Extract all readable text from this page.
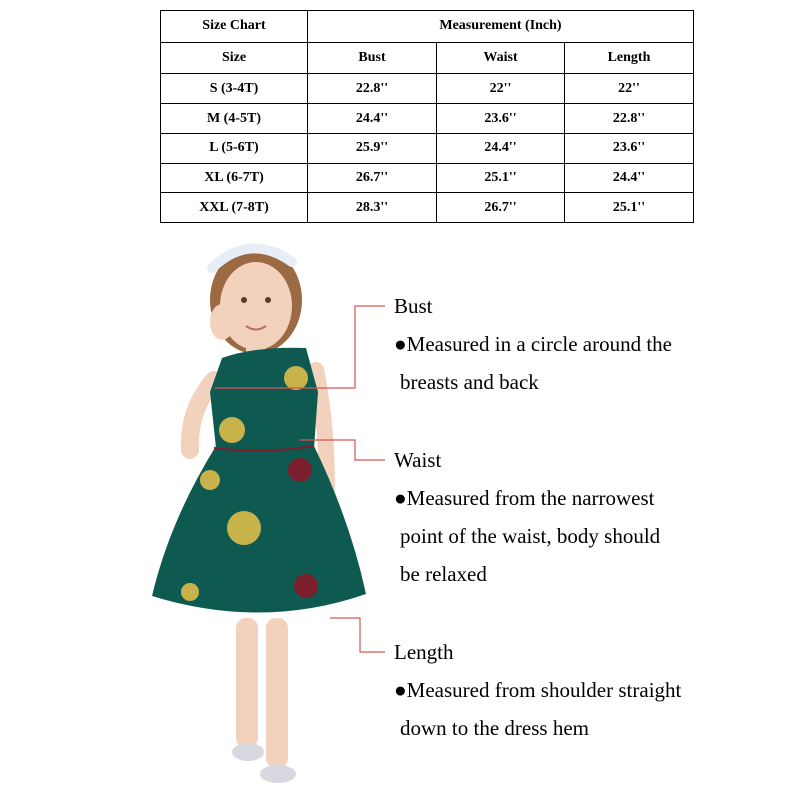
Size Chart	Measurement (Inch)		
Size	Bust	Waist	Length
S (3-4T)	22.8''	22''	22''
M (4-5T)	24.4''	23.6''	22.8''
L (5-6T)	25.9''	24.4''	23.6''
XL (6-7T)	26.7''	25.1''	24.4''
XXL (7-8T)	28.3''	26.7''	25.1''
Bust
●Measured in a circle around the
breasts and back
Waist
●Measured from the narrowest
point of the waist, body should
be relaxed
Length
●Measured from shoulder straight
down to the dress hem
